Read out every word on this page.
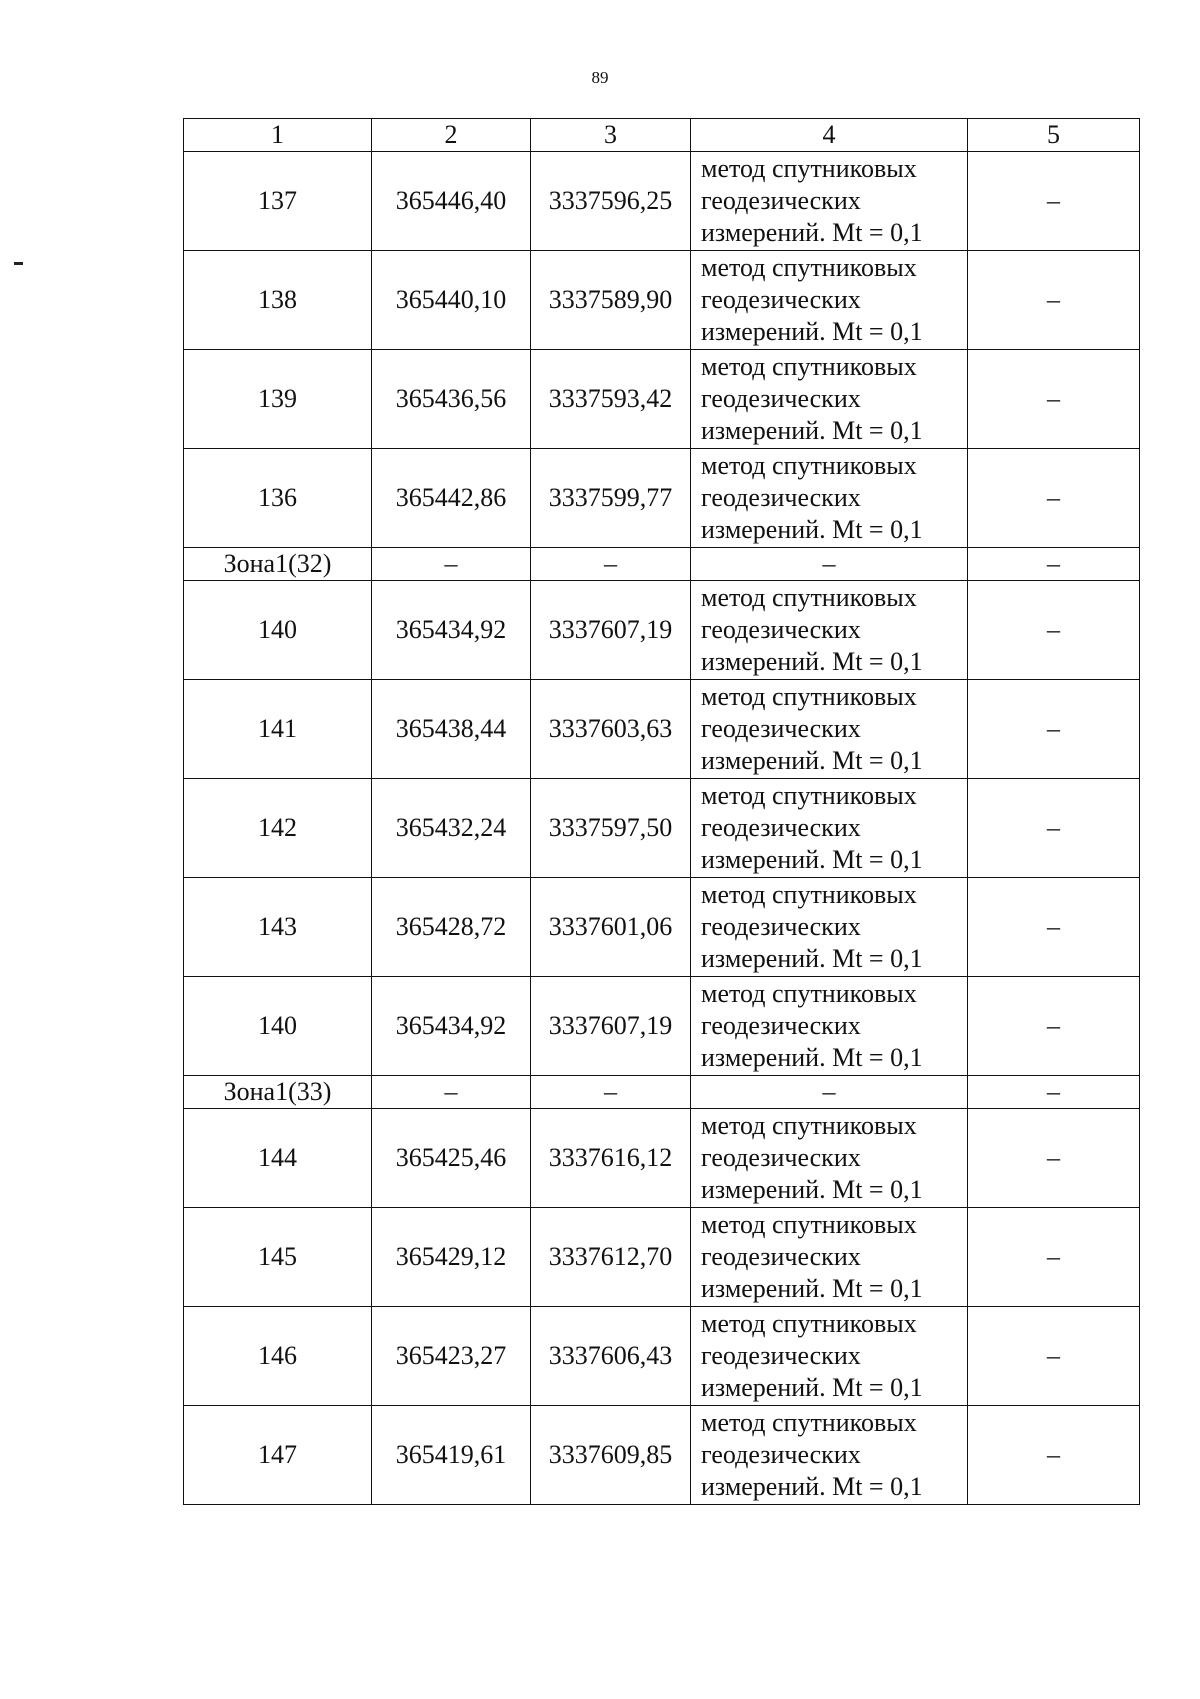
89
1	2	3	4	5
137	365446,40	3337596,25	метод спутниковых
геодезических
измерений. Mt = 0,1	–
138	365440,10	3337589,90	метод спутниковых
геодезических
измерений. Mt = 0,1	–
139	365436,56	3337593,42	метод спутниковых
геодезических
измерений. Mt = 0,1	–
136	365442,86	3337599,77	метод спутниковых
геодезических
измерений. Mt = 0,1	–
Зона1(32)	–	–	–	–
140	365434,92	3337607,19	метод спутниковых
геодезических
измерений. Mt = 0,1	–
141	365438,44	3337603,63	метод спутниковых
геодезических
измерений. Mt = 0,1	–
142	365432,24	3337597,50	метод спутниковых
геодезических
измерений. Mt = 0,1	–
143	365428,72	3337601,06	метод спутниковых
геодезических
измерений. Mt = 0,1	–
140	365434,92	3337607,19	метод спутниковых
геодезических
измерений. Mt = 0,1	–
Зона1(33)	–	–	–	–
144	365425,46	3337616,12	метод спутниковых
геодезических
измерений. Mt = 0,1	–
145	365429,12	3337612,70	метод спутниковых
геодезических
измерений. Mt = 0,1	–
146	365423,27	3337606,43	метод спутниковых
геодезических
измерений. Mt = 0,1	–
147	365419,61	3337609,85	метод спутниковых
геодезических
измерений. Mt = 0,1	–
